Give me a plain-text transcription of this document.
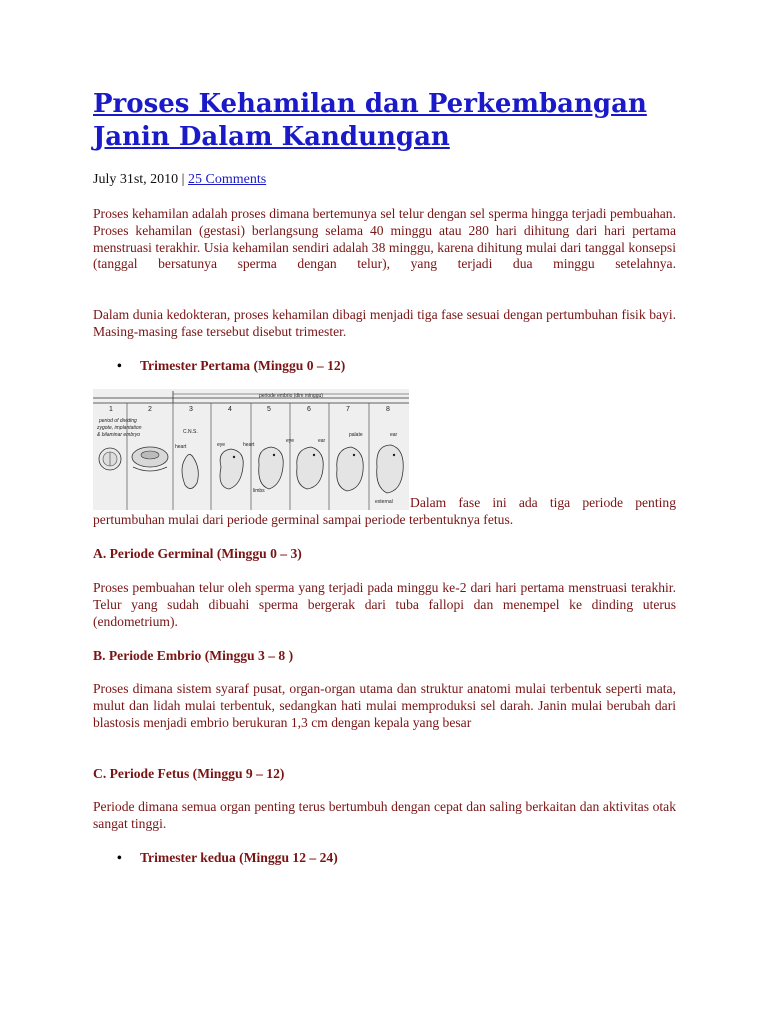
Proses Kehamilan dan Perkembangan Janin Dalam Kandungan
July 31st, 2010 | 25 Comments

Proses kehamilan adalah proses dimana bertemunya sel telur dengan sel sperma hingga terjadi pembuahan. Proses kehamilan (gestasi) berlangsung selama 40 minggu atau 280 hari dihitung dari hari pertama menstruasi terakhir. Usia kehamilan sendiri adalah 38 minggu, karena dihitung mulai dari tanggal konsepsi (tanggal bersatunya sperma dengan telur), yang terjadi dua minggu setelahnya.

Dalam dunia kedokteran, proses kehamilan dibagi menjadi tiga fase sesuai dengan pertumbuhan fisik bayi. Masing-masing fase tersebut disebut trimester.

• Trimester Pertama (Minggu 0 – 12)
periode embrio (dlm minggu)
1	2	3	4	5	6	7	8
period of dividing
zygote, implantation
& bilaminar embryo	C.N.S.
heart	eye	heart
eye	ear
palate	ear
limbs
external Dalam fase ini ada tiga periode penting

pertumbuhan mulai dari periode germinal sampai periode terbentuknya fetus.

A. Periode Germinal (Minggu 0 – 3)

Proses pembuahan telur oleh sperma yang terjadi pada minggu ke-2 dari hari pertama menstruasi terakhir. Telur yang sudah dibuahi sperma bergerak dari tuba fallopi dan menempel ke dinding uterus (endometrium).

B. Periode Embrio (Minggu 3 – 8 )

Proses dimana sistem syaraf pusat, organ-organ utama dan struktur anatomi mulai terbentuk seperti mata, mulut dan lidah mulai terbentuk, sedangkan hati mulai memproduksi sel darah. Janin mulai berubah dari blastosis menjadi embrio berukuran 1,3 cm dengan kepala yang besar

C. Periode Fetus (Minggu 9 – 12)

Periode dimana semua organ penting terus bertumbuh dengan cepat dan saling berkaitan dan aktivitas otak sangat tinggi.

• Trimester kedua (Minggu 12 – 24)
